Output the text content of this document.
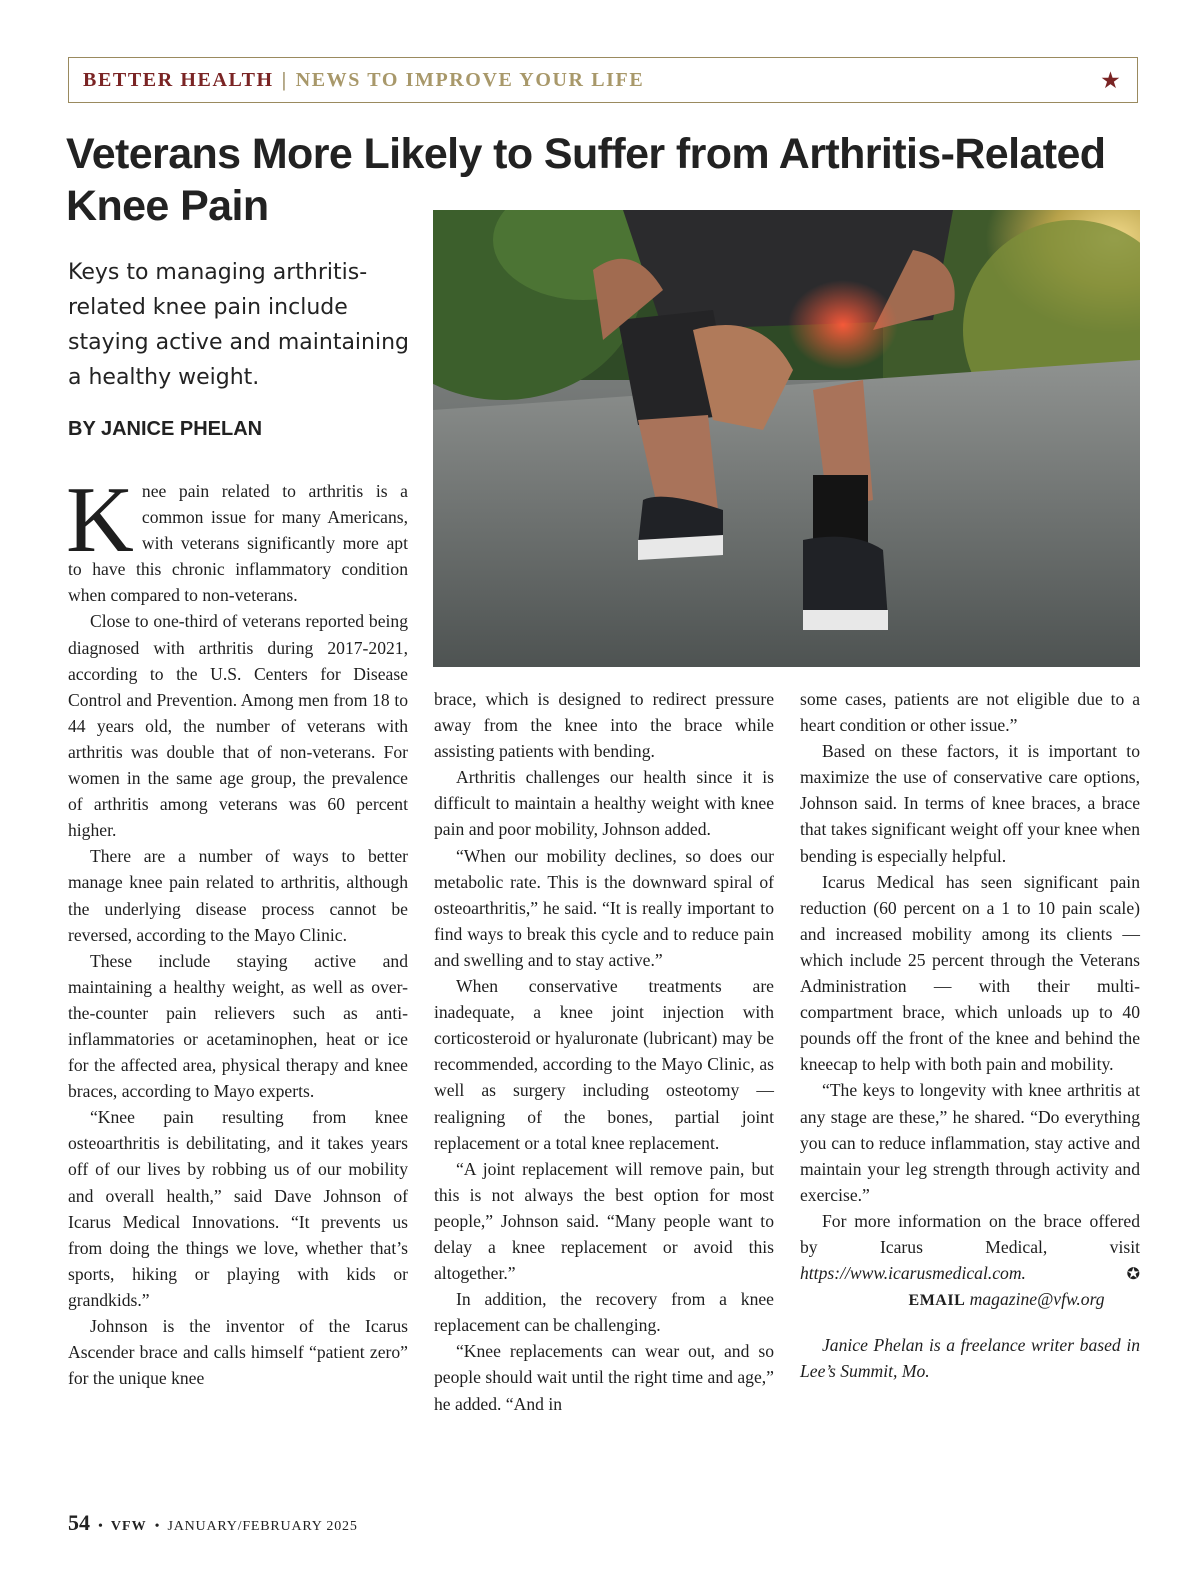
BETTER HEALTH | NEWS TO IMPROVE YOUR LIFE	★
Veterans More Likely to Suffer from Arthritis-Related Knee Pain

Keys to managing arthritis-related knee pain include staying active and maintaining a healthy weight.

BY JANICE PHELAN

Knee pain related to arthritis is a common issue for many Americans, with veterans significantly more apt to have this chronic inflammatory condition when compared to non-veterans.

Close to one-third of veterans reported being diagnosed with arthritis during 2017-2021, according to the U.S. Centers for Disease Control and Prevention. Among men from 18 to 44 years old, the number of veterans with arthritis was double that of non-veterans. For women in the same age group, the prevalence of arthritis among veterans was 60 percent higher.

There are a number of ways to better manage knee pain related to arthritis, although the underlying disease process cannot be reversed, according to the Mayo Clinic.

These include staying active and maintaining a healthy weight, as well as over-the-counter pain relievers such as anti-inflammatories or acetaminophen, heat or ice for the affected area, physical therapy and knee braces, according to Mayo experts.

“Knee pain resulting from knee osteoarthritis is debilitating, and it takes years off of our lives by robbing us of our mobility and overall health,” said Dave Johnson of Icarus Medical Innovations. “It prevents us from doing the things we love, whether that’s sports, hiking or playing with kids or grandkids.”

Johnson is the inventor of the Icarus Ascender brace and calls himself “patient zero” for the unique knee

brace, which is designed to redirect pressure away from the knee into the brace while assisting patients with bending.

Arthritis challenges our health since it is difficult to maintain a healthy weight with knee pain and poor mobility, Johnson added.

“When our mobility declines, so does our metabolic rate. This is the downward spiral of osteoarthritis,” he said. “It is really important to find ways to break this cycle and to reduce pain and swelling and to stay active.”

When conservative treatments are inadequate, a knee joint injection with corticosteroid or hyaluronate (lubricant) may be recommended, according to the Mayo Clinic, as well as surgery including osteotomy — realigning of the bones, partial joint replacement or a total knee replacement.

“A joint replacement will remove pain, but this is not always the best option for most people,” Johnson said. “Many people want to delay a knee replacement or avoid this altogether.”

In addition, the recovery from a knee replacement can be challenging.

“Knee replacements can wear out, and so people should wait until the right time and age,” he added. “And in

some cases, patients are not eligible due to a heart condition or other issue.”

Based on these factors, it is important to maximize the use of conservative care options, Johnson said. In terms of knee braces, a brace that takes significant weight off your knee when bending is especially helpful.

Icarus Medical has seen significant pain reduction (60 percent on a 1 to 10 pain scale) and increased mobility among its clients — which include 25 percent through the Veterans Administration — with their multi-compartment brace, which unloads up to 40 pounds off the front of the knee and behind the kneecap to help with both pain and mobility.

“The keys to longevity with knee arthritis at any stage are these,” he shared. “Do everything you can to reduce inflammation, stay active and maintain your leg strength through activity and exercise.”

For more information on the brace offered by Icarus Medical, visit https://www.icarusmedical.com.	✪

EMAIL magazine@vfw.org

Janice Phelan is a freelance writer based in Lee’s Summit, Mo.

54 • VFW • JANUARY/FEBRUARY 2025
